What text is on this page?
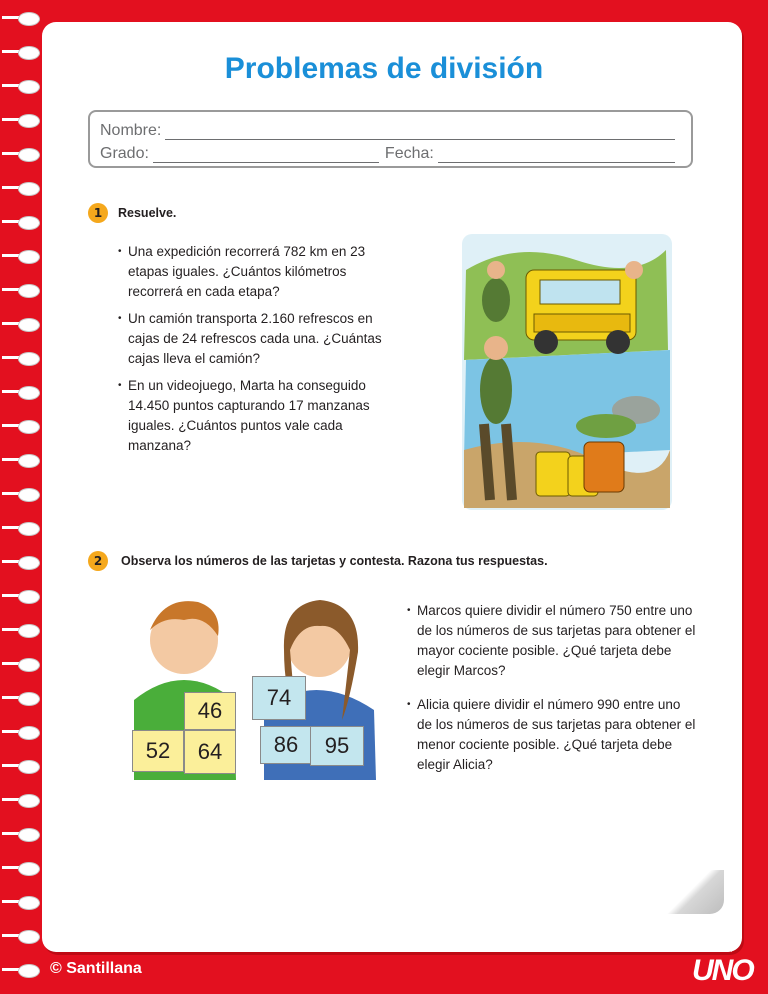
Problemas de división
Nombre:
Grado:	Fecha:
1	Resuelve.
• Una expedición recorrerá 782 km en 23 etapas iguales. ¿Cuántos kilómetros recorrerá en cada etapa?
• Un camión transporta 2.160 refrescos en cajas de 24 refrescos cada una. ¿Cuántas cajas lleva el camión?
• En un videojuego, Marta ha conseguido 14.450 puntos capturando 17 manzanas iguales. ¿Cuántos puntos vale cada manzana?
2	Observa los números de las tarjetas y contesta. Razona tus respuestas.
46
52	64
74
86	95
• Marcos quiere dividir el número 750 entre uno de los números de sus tarjetas para obtener el mayor cociente posible. ¿Qué tarjeta debe elegir Marcos?
• Alicia quiere dividir el número 990 entre uno de los números de sus tarjetas para obtener el menor cociente posible. ¿Qué tarjeta debe elegir Alicia?
© Santillana
SISTEMA
UNO
